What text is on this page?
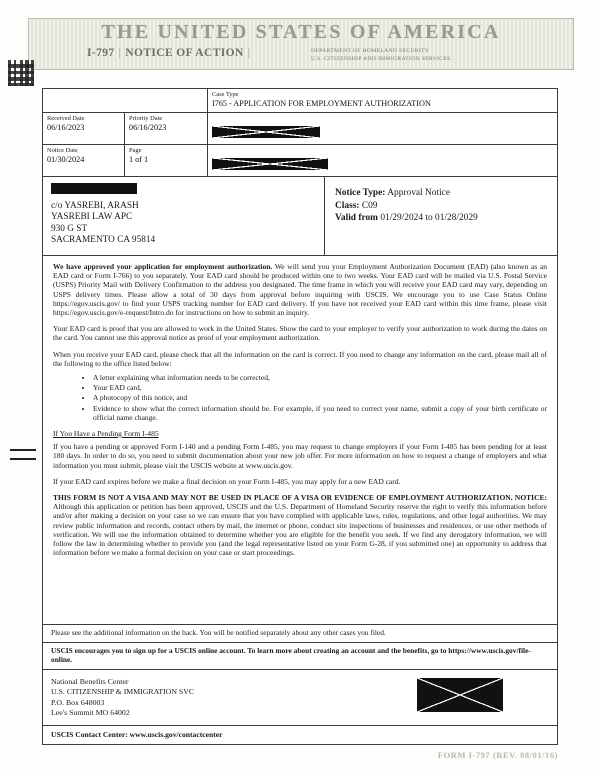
THE UNITED STATES OF AMERICA
I-797 | NOTICE OF ACTION |	DEPARTMENT OF HOMELAND SECURITY
U.S. CITIZENSHIP AND IMMIGRATION SERVICES
Case Type
I765 - APPLICATION FOR EMPLOYMENT AUTHORIZATION
Received Date
06/16/2023
Priority Date
06/16/2023
Notice Date
01/30/2024
Page
1 of 1
c/o YASREBI, ARASH
YASREBI LAW APC
930 G ST
SACRAMENTO CA 95814
Notice Type: Approval Notice
Class: C09
Valid from 01/29/2024 to 01/28/2029

We have approved your application for employment authorization. We will send you your Employment Authorization Document (EAD) (also known as an EAD card or Form I-766) to you separately. Your EAD card should be produced within one to two weeks. Your EAD card will be mailed via U.S. Postal Service (USPS) Priority Mail with Delivery Confirmation to the address you designated. The time frame in which you will receive your EAD card may vary, depending on USPS delivery times. Please allow a total of 30 days from approval before inquiring with USCIS. We encourage you to use Case Status Online https://egov.uscis.gov/ to find your USPS tracking number for EAD card delivery. If you have not received your EAD card within this time frame, please visit https://egov.uscis.gov/e-request/Intro.do for instructions on how to submit an inquiry.

Your EAD card is proof that you are allowed to work in the United States. Show the card to your employer to verify your authorization to work during the dates on the card. You cannot use this approval notice as proof of your employment authorization.

When you receive your EAD card, please check that all the information on the card is correct. If you need to change any information on the card, please mail all of the following to the office listed below:

• A letter explaining what information needs to be corrected,
• Your EAD card,
• A photocopy of this notice, and
• Evidence to show what the correct information should be. For example, if you need to correct your name, submit a copy of your birth certificate or official name change.
If You Have a Pending Form I-485

If you have a pending or approved Form I-140 and a pending Form I-485, you may request to change employers if your Form I-485 has been pending for at least 180 days. In order to do so, you need to submit documentation about your new job offer. For more information on how to request a change of employers and what information you must submit, please visit the USCIS website at www.uscis.gov.

If your EAD card expires before we make a final decision on your Form I-485, you may apply for a new EAD card.

THIS FORM IS NOT A VISA AND MAY NOT BE USED IN PLACE OF A VISA OR EVIDENCE OF EMPLOYMENT AUTHORIZATION. NOTICE: Although this application or petition has been approved, USCIS and the U.S. Department of Homeland Security reserve the right to verify this information before and/or after making a decision on your case so we can ensure that you have complied with applicable laws, rules, regulations, and other legal authorities. We may review public information and records, contact others by mail, the internet or phone, conduct site inspections of businesses and residences, or use other methods of verification. We will use the information obtained to determine whether you are eligible for the benefit you seek. If we find any derogatory information, we will follow the law in determining whether to provide you (and the legal representative listed on your Form G-28, if you submitted one) an opportunity to address that information before we make a formal decision on your case or start proceedings.

Please see the additional information on the back. You will be notified separately about any other cases you filed.
USCIS encourages you to sign up for a USCIS online account. To learn more about creating an account and the benefits, go to https://www.uscis.gov/file-online.
National Benefits Center
U.S. CITIZENSHIP & IMMIGRATION SVC
P.O. Box 648003
Lee's Summit MO 64002
USCIS Contact Center: www.uscis.gov/contactcenter
FORM I-797 (REV. 08/01/16)
